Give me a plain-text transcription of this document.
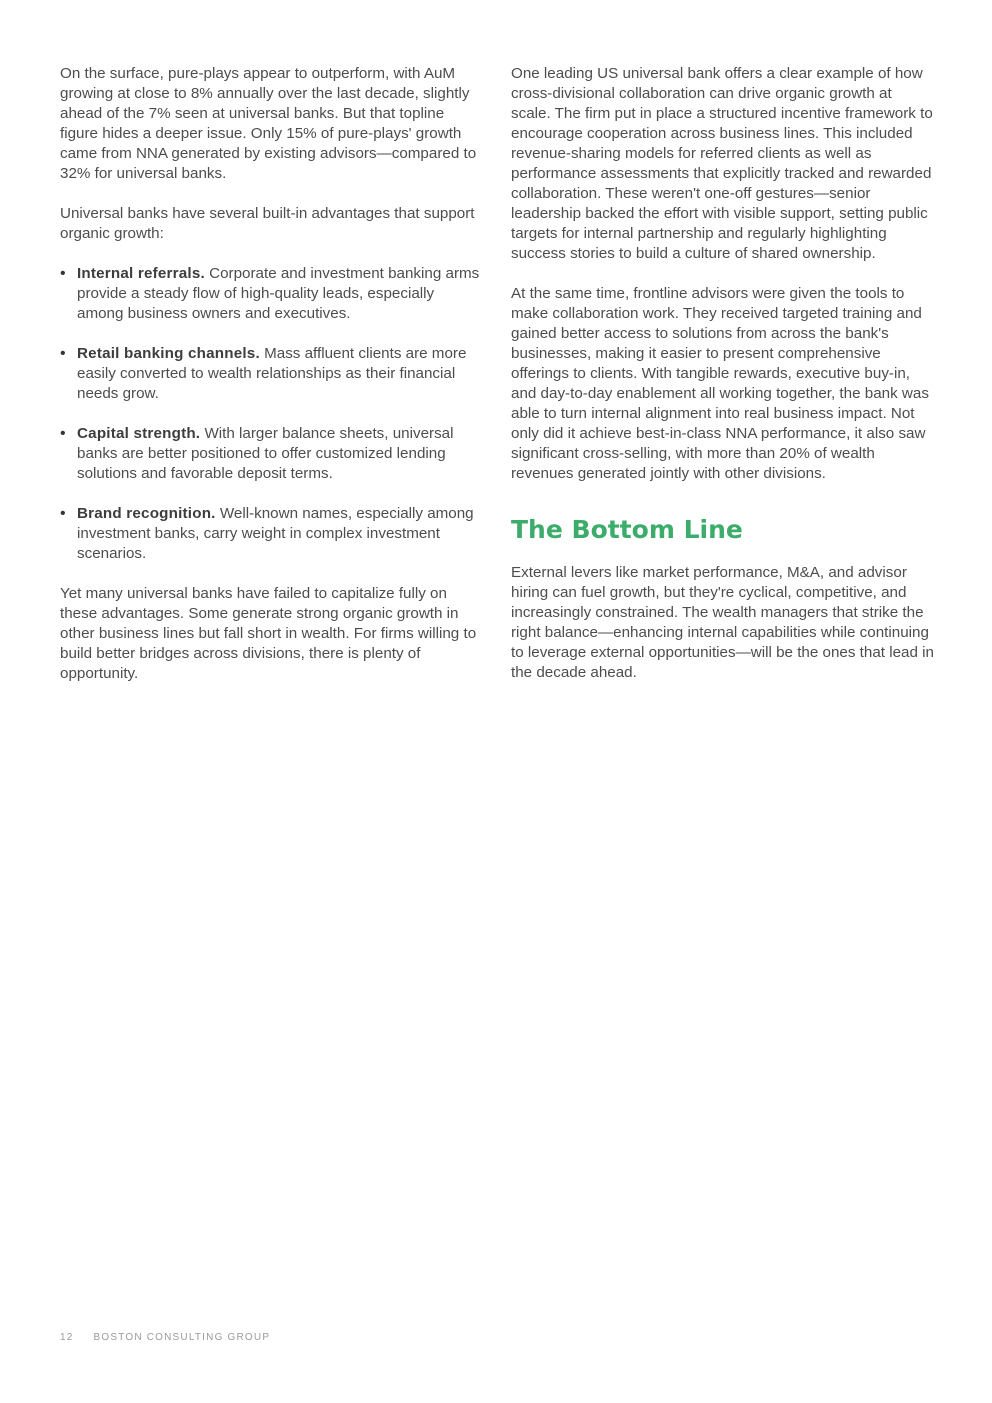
On the surface, pure-plays appear to outperform, with AuM growing at close to 8% annually over the last decade, slightly ahead of the 7% seen at universal banks. But that topline figure hides a deeper issue. Only 15% of pure-plays' growth came from NNA generated by existing advisors—compared to 32% for universal banks.

Universal banks have several built-in advantages that support organic growth:

• Internal referrals. Corporate and investment banking arms provide a steady flow of high-quality leads, especially among business owners and executives.
• Retail banking channels. Mass affluent clients are more easily converted to wealth relationships as their financial needs grow.
• Capital strength. With larger balance sheets, universal banks are better positioned to offer customized lending solutions and favorable deposit terms.
• Brand recognition. Well-known names, especially among investment banks, carry weight in complex investment scenarios.

Yet many universal banks have failed to capitalize fully on these advantages. Some generate strong organic growth in other business lines but fall short in wealth. For firms willing to build better bridges across divisions, there is plenty of opportunity.

One leading US universal bank offers a clear example of how cross-divisional collaboration can drive organic growth at scale. The firm put in place a structured incentive framework to encourage cooperation across business lines. This included revenue-sharing models for referred clients as well as performance assessments that explicitly tracked and rewarded collaboration. These weren't one-off gestures—senior leadership backed the effort with visible support, setting public targets for internal partnership and regularly highlighting success stories to build a culture of shared ownership.

At the same time, frontline advisors were given the tools to make collaboration work. They received targeted training and gained better access to solutions from across the bank's businesses, making it easier to present comprehensive offerings to clients. With tangible rewards, executive buy-in, and day-to-day enablement all working together, the bank was able to turn internal alignment into real business impact. Not only did it achieve best-in-class NNA performance, it also saw significant cross-selling, with more than 20% of wealth revenues generated jointly with other divisions.

The Bottom Line

External levers like market performance, M&A, and advisor hiring can fuel growth, but they're cyclical, competitive, and increasingly constrained. The wealth managers that strike the right balance—enhancing internal capabilities while continuing to leverage external opportunities—will be the ones that lead in the decade ahead.

12 BOSTON CONSULTING GROUP
